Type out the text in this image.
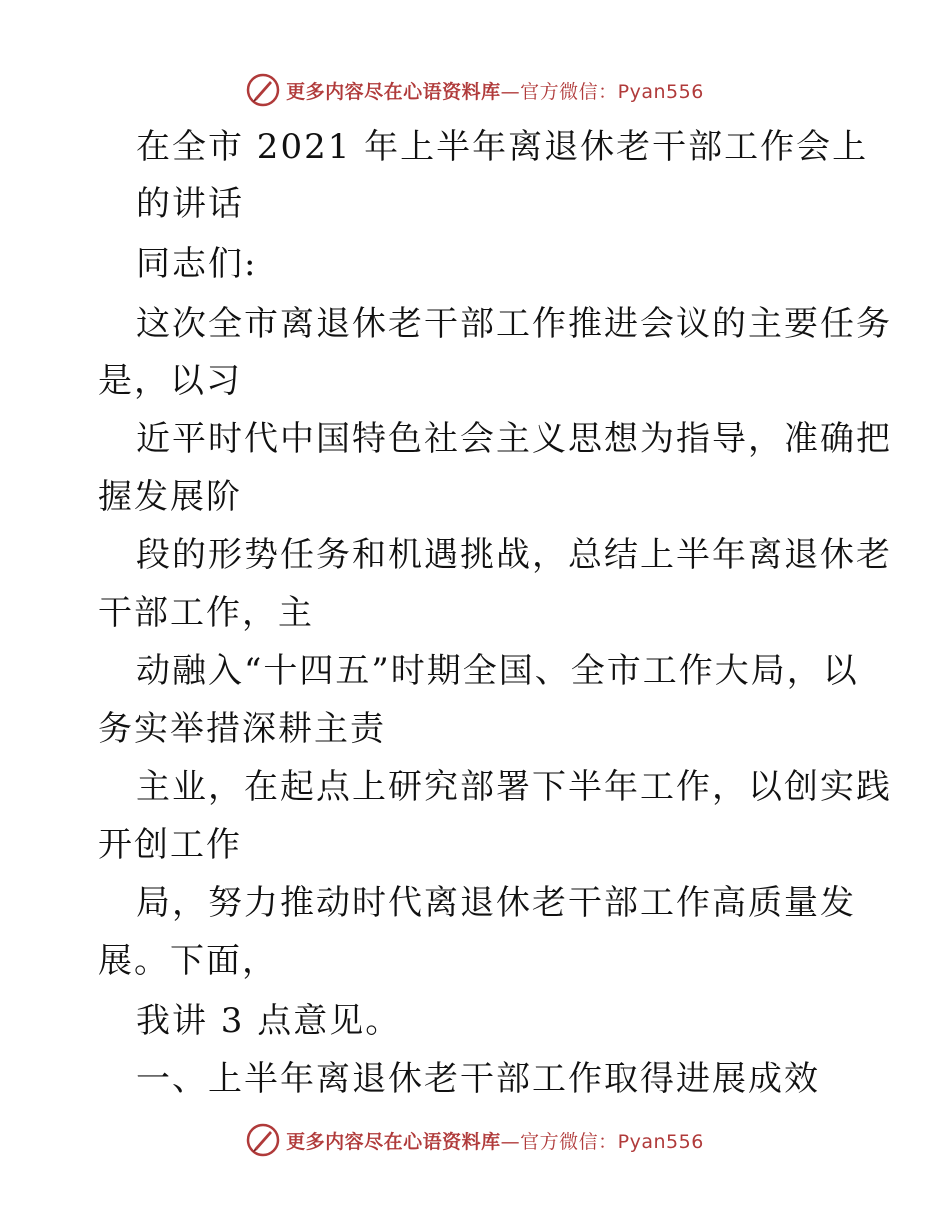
更多内容尽在心语资料库—官方微信：Pyan556
在全市 2021 年上半年离退休老干部工作会上
的讲话
同志们:
这次全市离退休老干部工作推进会议的主要任务
是，以习
近平时代中国特色社会主义思想为指导，准确把
握发展阶
段的形势任务和机遇挑战，总结上半年离退休老
干部工作，主
动融入“十四五”时期全国、全市工作大局，以
务实举措深耕主责
主业，在起点上研究部署下半年工作，以创实践
开创工作
局，努力推动时代离退休老干部工作高质量发
展。下面，
我讲 3 点意见。
一、上半年离退休老干部工作取得进展成效
更多内容尽在心语资料库—官方微信：Pyan556
